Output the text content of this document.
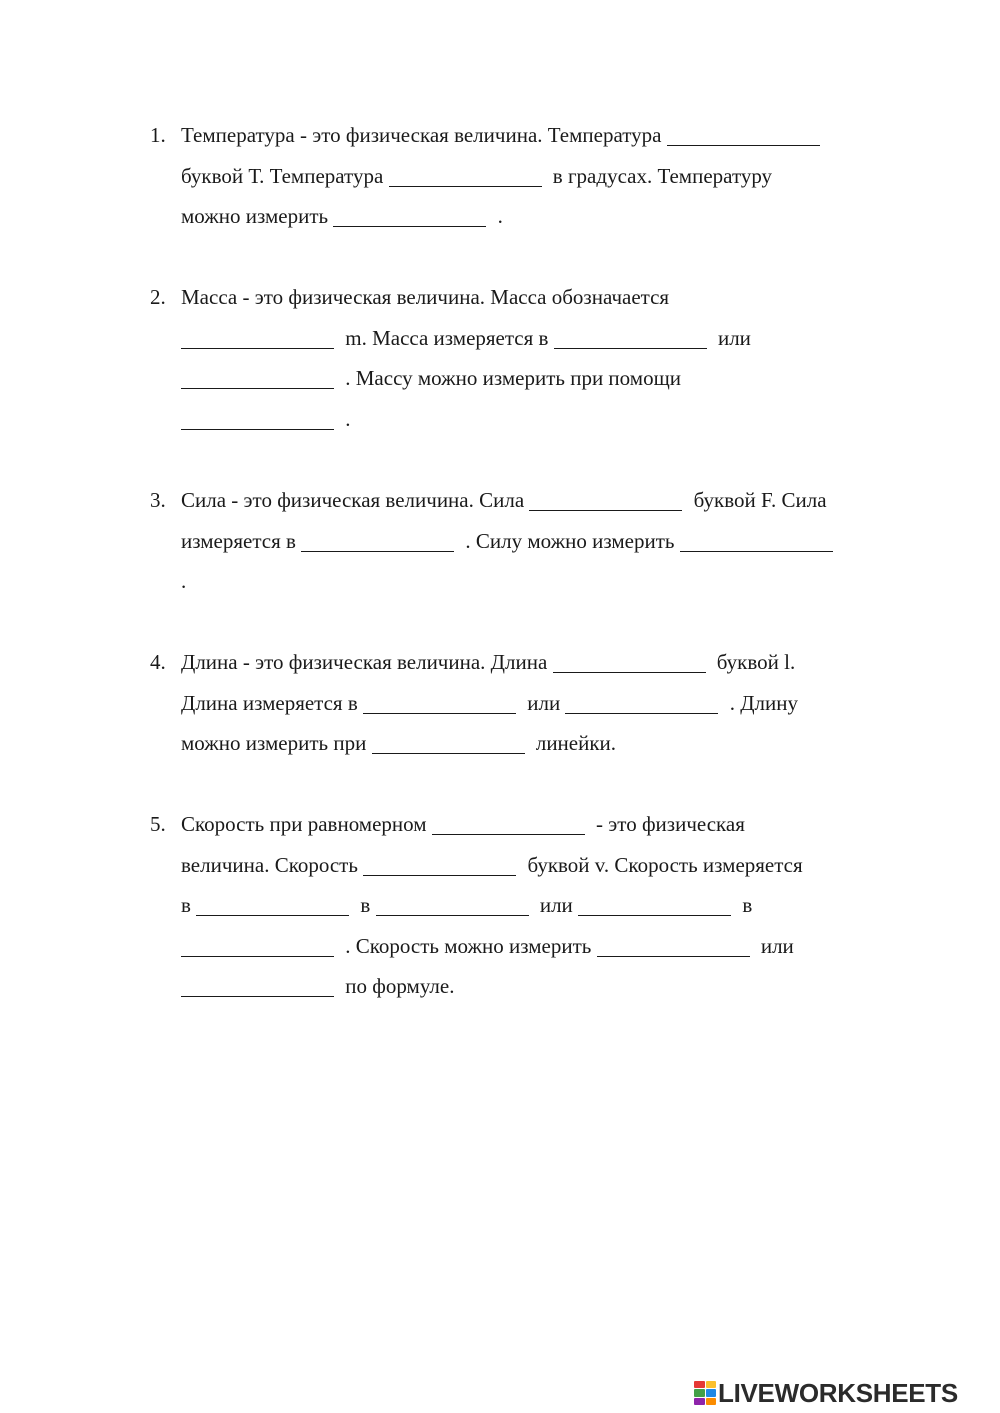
1. Температура - это физическая величина. Температура
буквой Т. Температура	в градусах. Температуру
можно измерить	.
2. Масса - это физическая величина. Масса обозначается
m. Масса измеряется в	или
. Массу можно измерить при помощи
.
3. Сила - это физическая величина. Сила	буквой F. Сила
измеряется в	. Силу можно измерить
.
4. Длина - это физическая величина. Длина	буквой l.
Длина измеряется в	или	. Длину
можно измерить при	линейки.
5. Скорость при равномерном	- это физическая
величина. Скорость	буквой v. Скорость измеряется
в	в	или	в
. Скорость можно измерить	или
по формуле.
LIVEWORKSHEETS
